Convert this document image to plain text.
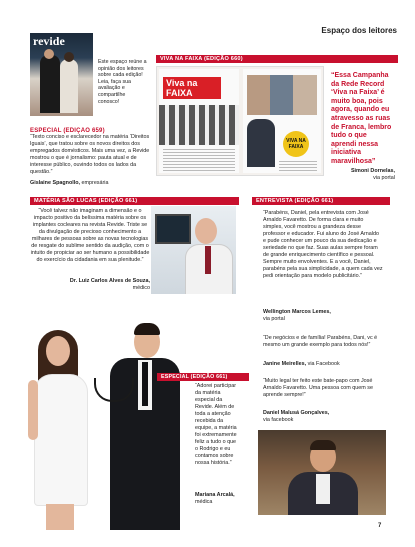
Espaço dos leitores
revide
Este espaço reúne a opinião dos leitores sobre cada edição! Leia, faça sua avaliação e compartilhe conosco!
VIVA NA FAIXA (EDIÇÃO 660)
Viva na FAIXA
VIVA NA FAIXA
“Essa Campanha da Rede Record ‘Viva na Faixa’ é muito boa, pois agora, quando eu atravesso as ruas de Franca, lembro tudo o que aprendi nessa iniciativa maravilhosa”
Simoni Dornelas,
via portal
ESPECIAL (EDIÇÃO 659)
“Texto conciso e esclarecedor na matéria ‘Direitos Iguais’, que tratou sobre os novos direitos dos empregados domésticos. Mais uma vez, a Revide mostrou o que é jornalismo: pauta atual e de interesse público, ouvindo todos os lados da questão.”
Gislaine Spagnollo, empresária
MATÉRIA SÃO LUCAS (EDIÇÃO 661)
“Você talvez não imaginam a dimensão e o impacto positivo da belíssima matéria sobre os implantes cocleares na revista Revide. Triste se da divulgação de precioso conhecimento a milhares de pessoas sobre as novas tecnologias de resgate do sublime sentido da audição, com o intuito de propiciar ao ser humano a possibilidade do exercício da cidadania em sua plenitude.”
Dr. Luiz Carlos Alves de Souza,
médico
ENTREVISTA (EDIÇÃO 661)
“Parabéns, Daniel, pela entrevista com José Arnaldo Favaretto. De forma clara e muito simples, você mostrou a grandeza desse professor e educador. Fui aluno do José Arnaldo e pude conhecer um pouco da sua dedicação e seriedade no que faz. Suas aulas sempre foram de grande enriquecimento científico e pessoal. Sempre muito envolventes. E a você, Daniel, parabéns pela sua simplicidade, a quem cada vez pedi orientação para modelo publicitário.”
Wellington Marcos Lemes,
via portal
“De negócios e de família! Parabéns, Dani, vc é mesmo um grande exemplo para todos nós!”
Janine Meirelles, via Facebook
“Muito legal ter feito este bate-papo com José Arnaldo Favaretto. Uma pessoa com quem se aprende sempre!”
Daniel Malusá Gonçalves,
via facebook
ESPECIAL (EDIÇÃO 661)
“Adorei participar da matéria especial da Revide. Além de toda a atenção recebida da equipe, a matéria foi extremamente feliz a tudo o que o Rodrigo e eu contamos sobre nossa história.”
Mariana Arcalá,
médica
7
